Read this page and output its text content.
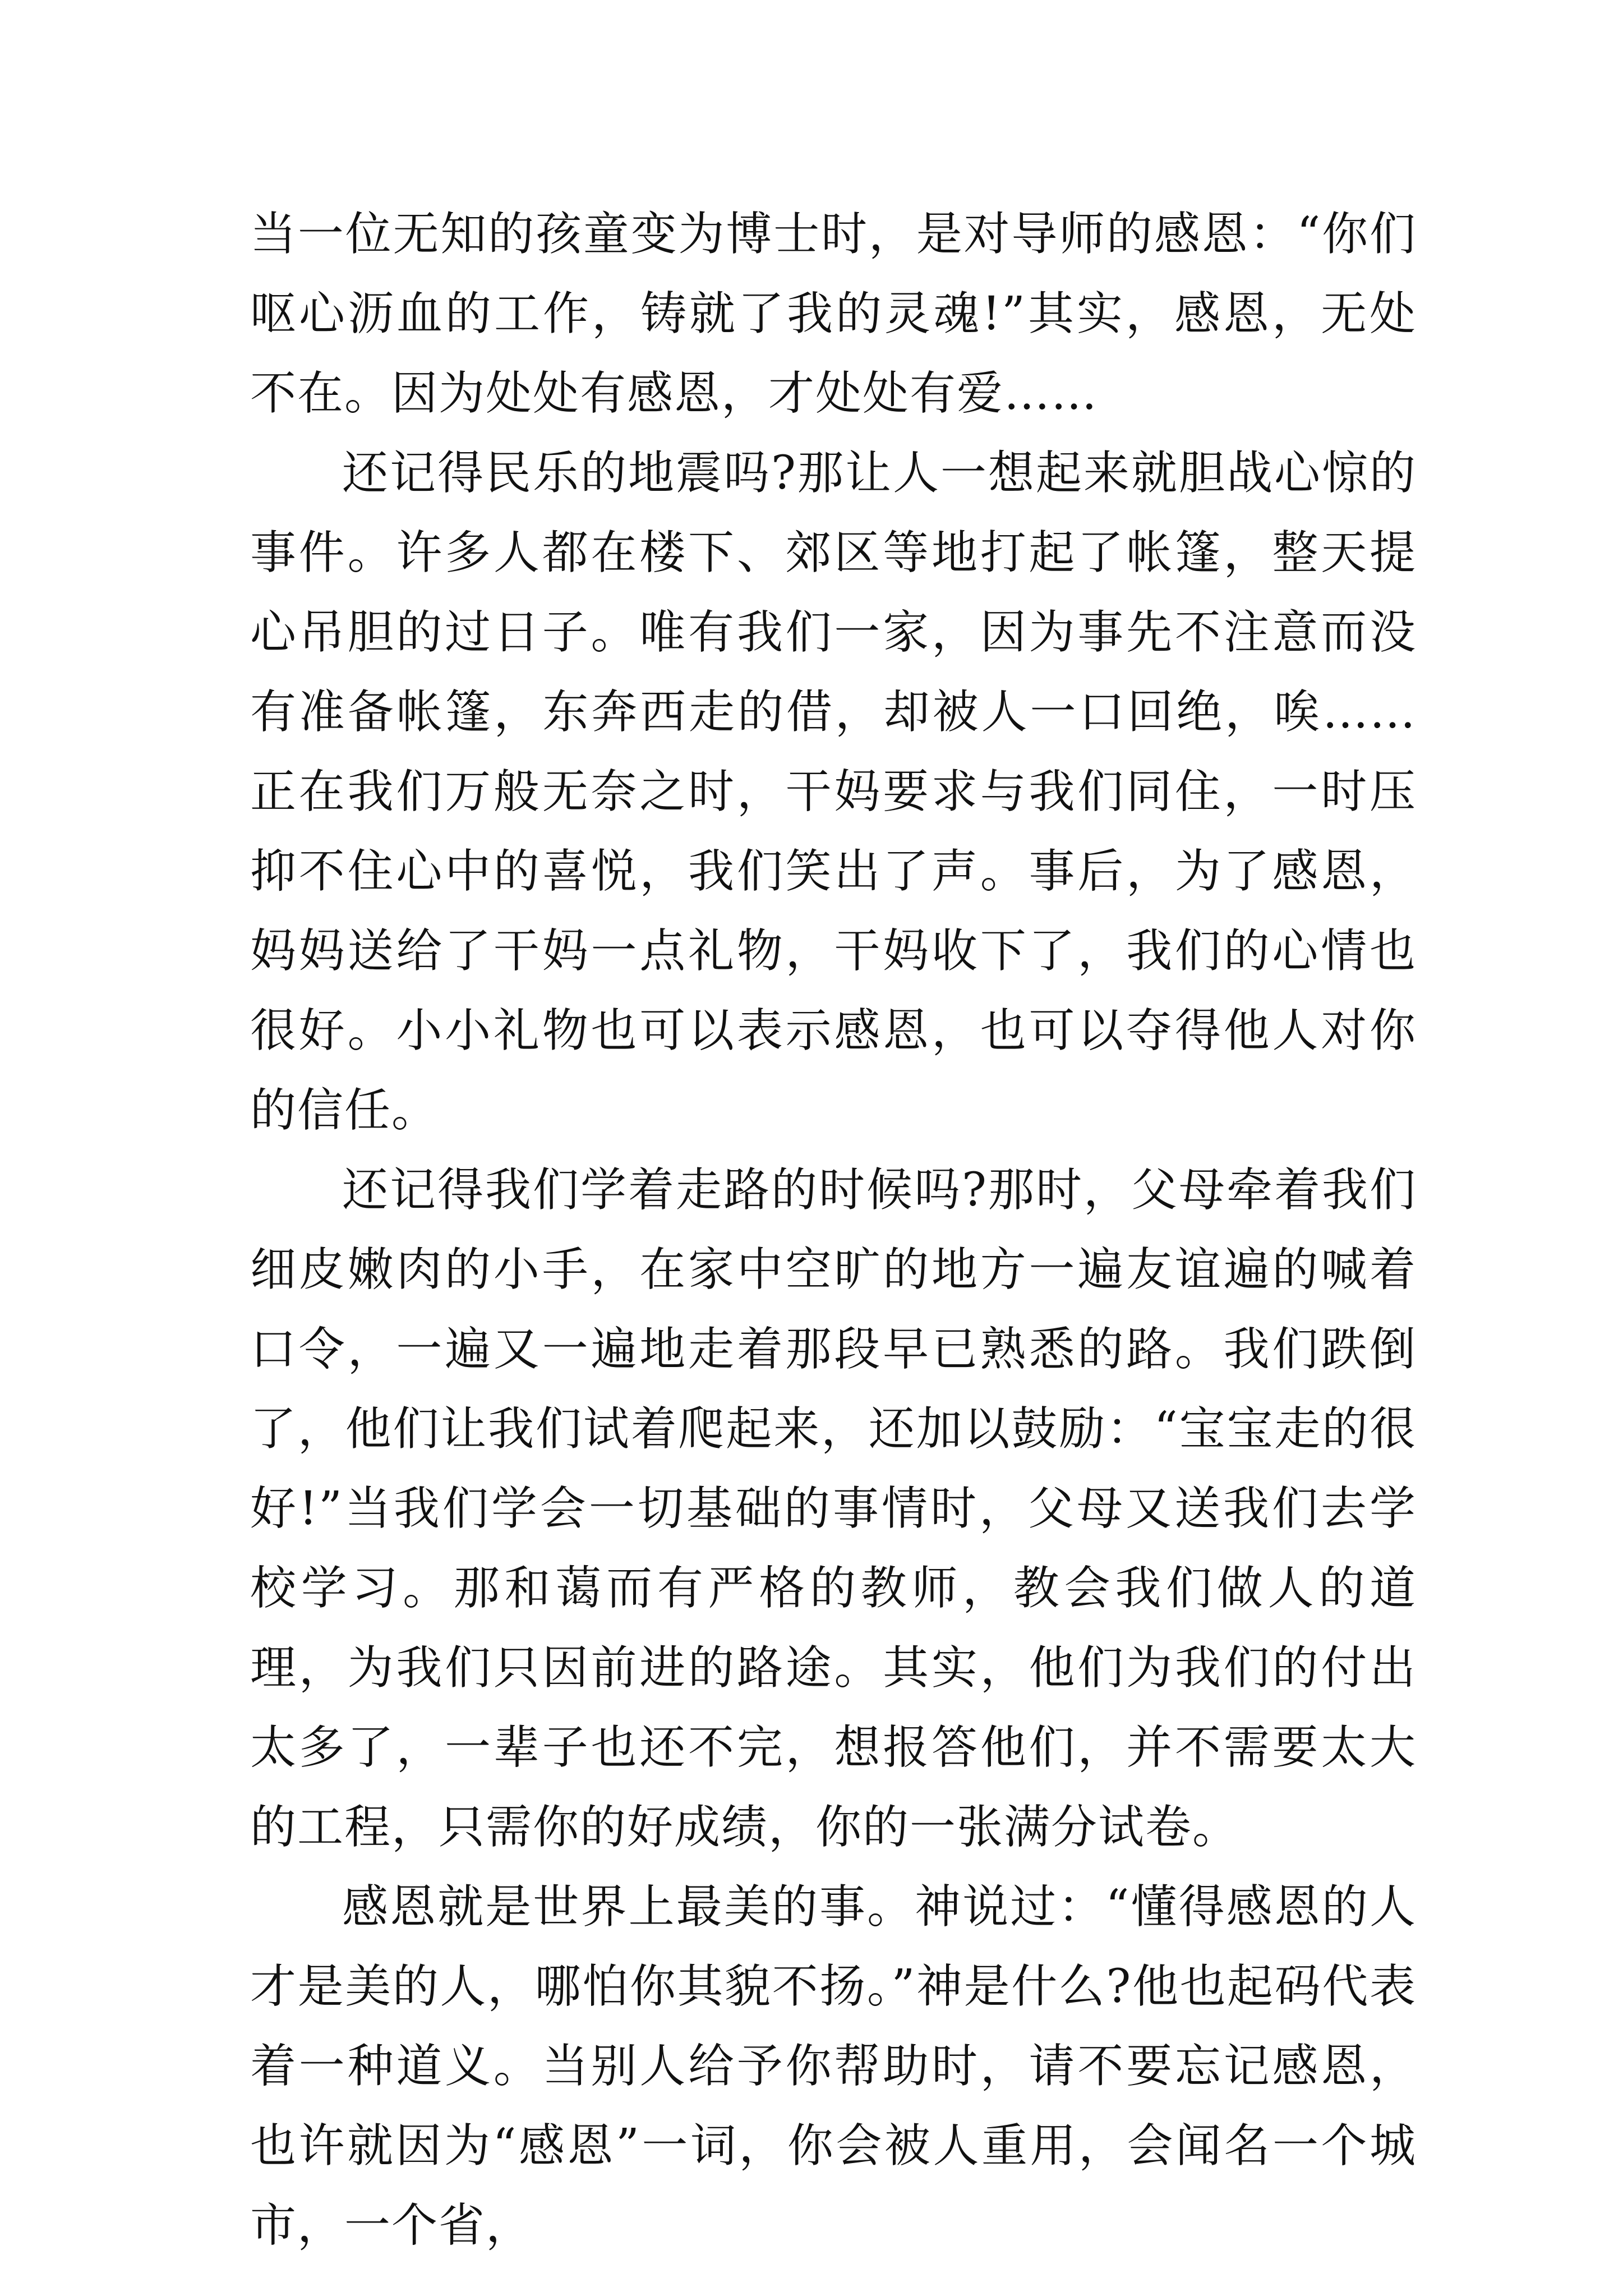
当一位无知的孩童变为博士时，是对导师的感恩：“你们呕心沥血的工作，铸就了我的灵魂!”其实，感恩，无处不在。因为处处有感恩，才处处有爱……

还记得民乐的地震吗?那让人一想起来就胆战心惊的事件。许多人都在楼下、郊区等地打起了帐篷，整天提心吊胆的过日子。唯有我们一家，因为事先不注意而没有准备帐篷，东奔西走的借，却被人一口回绝，唉……正在我们万般无奈之时，干妈要求与我们同住，一时压抑不住心中的喜悦，我们笑出了声。事后，为了感恩，妈妈送给了干妈一点礼物，干妈收下了，我们的心情也很好。小小礼物也可以表示感恩，也可以夺得他人对你的信任。

还记得我们学着走路的时候吗?那时，父母牵着我们细皮嫩肉的小手，在家中空旷的地方一遍友谊遍的喊着口令，一遍又一遍地走着那段早已熟悉的路。我们跌倒了，他们让我们试着爬起来，还加以鼓励：“宝宝走的很好!”当我们学会一切基础的事情时，父母又送我们去学校学习。那和蔼而有严格的教师，教会我们做人的道理，为我们只因前进的路途。其实，他们为我们的付出太多了，一辈子也还不完，想报答他们，并不需要太大的工程，只需你的好成绩，你的一张满分试卷。

感恩就是世界上最美的事。神说过：“懂得感恩的人才是美的人，哪怕你其貌不扬。”神是什么?他也起码代表着一种道义。当别人给予你帮助时，请不要忘记感恩，也许就因为“感恩”一词，你会被人重用，会闻名一个城市，一个省，
